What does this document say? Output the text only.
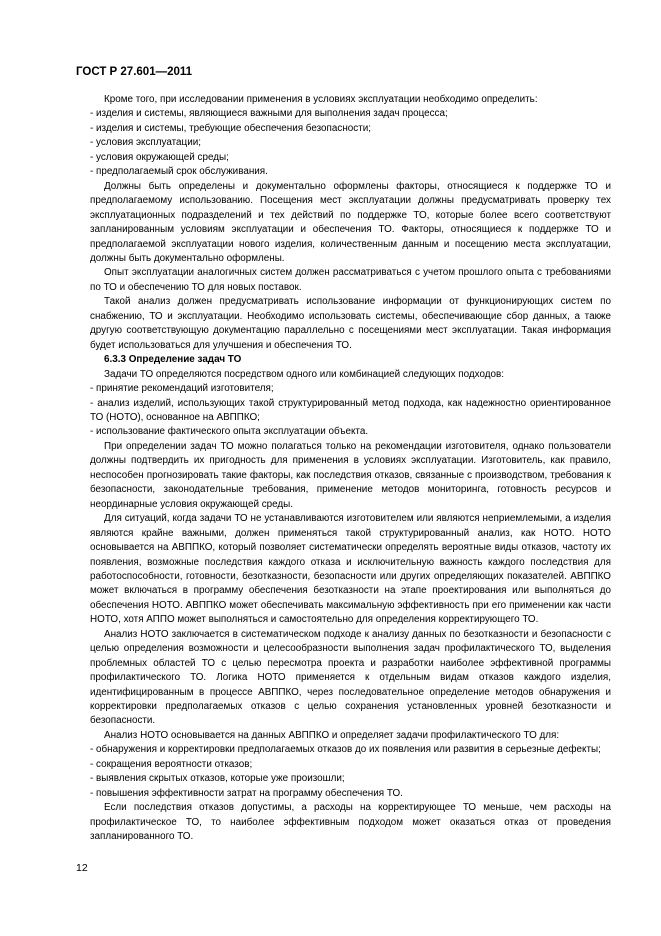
ГОСТ Р 27.601—2011

Кроме того, при исследовании применения в условиях эксплуатации необходимо определить:

- изделия и системы, являющиеся важными для выполнения задач процесса;

- изделия и системы, требующие обеспечения безопасности;

- условия эксплуатации;

- условия окружающей среды;

- предполагаемый срок обслуживания.

Должны быть определены и документально оформлены факторы, относящиеся к поддержке ТО и предполагаемому использованию. Посещения мест эксплуатации должны предусматривать проверку тех эксплуатационных подразделений и тех действий по поддержке ТО, которые более всего соответствуют запланированным условиям эксплуатации и обеспечения ТО. Факторы, относящиеся к поддержке ТО и предполагаемой эксплуатации нового изделия, количественным данным и посещению места эксплуатации, должны быть документально оформлены.

Опыт эксплуатации аналогичных систем должен рассматриваться с учетом прошлого опыта с требованиями по ТО и обеспечению ТО для новых поставок.

Такой анализ должен предусматривать использование информации от функционирующих систем по снабжению, ТО и эксплуатации. Необходимо использовать системы, обеспечивающие сбор данных, а также другую соответствующую документацию параллельно с посещениями мест эксплуатации. Такая информация будет использоваться для улучшения и обеспечения ТО.

6.3.3 Определение задач ТО

Задачи ТО определяются посредством одного или комбинацией следующих подходов:

- принятие рекомендаций изготовителя;

- анализ изделий, использующих такой структурированный метод подхода, как надежностно ориентированное ТО (НОТО), основанное на АВППКО;

- использование фактического опыта эксплуатации объекта.

При определении задач ТО можно полагаться только на рекомендации изготовителя, однако пользователи должны подтвердить их пригодность для применения в условиях эксплуатации. Изготовитель, как правило, неспособен прогнозировать такие факторы, как последствия отказов, связанные с производством, требования к безопасности, законодательные требования, применение методов мониторинга, готовность ресурсов и неординарные условия окружающей среды.

Для ситуаций, когда задачи ТО не устанавливаются изготовителем или являются неприемлемыми, а изделия являются крайне важными, должен применяться такой структурированный анализ, как НОТО. НОТО основывается на АВППКО, который позволяет систематически определять вероятные виды отказов, частоту их появления, возможные последствия каждого отказа и исключительную важность каждого последствия для работоспособности, готовности, безотказности, безопасности или других определяющих показателей. АВППКО может включаться в программу обеспечения безотказности на этапе проектирования или выполняться до обеспечения НОТО. АВППКО может обеспечивать максимальную эффективность при его применении как части НОТО, хотя АППО может выполняться и самостоятельно для определения корректирующего ТО.

Анализ НОТО заключается в систематическом подходе к анализу данных по безотказности и безопасности с целью определения возможности и целесообразности выполнения задач профилактического ТО, выделения проблемных областей ТО с целью пересмотра проекта и разработки наиболее эффективной программы профилактического ТО. Логика НОТО применяется к отдельным видам отказов каждого изделия, идентифицированным в процессе АВППКО, через последовательное определение методов обнаружения и корректировки предполагаемых отказов с целью сохранения установленных уровней безотказности и безопасности.

Анализ НОТО основывается на данных АВППКО и определяет задачи профилактического ТО для:

- обнаружения и корректировки предполагаемых отказов до их появления или развития в серьезные дефекты;

- сокращения вероятности отказов;

- выявления скрытых отказов, которые уже произошли;

- повышения эффективности затрат на программу обеспечения ТО.

Если последствия отказов допустимы, а расходы на корректирующее ТО меньше, чем расходы на профилактическое ТО, то наиболее эффективным подходом может оказаться отказ от проведения запланированного ТО.

12
